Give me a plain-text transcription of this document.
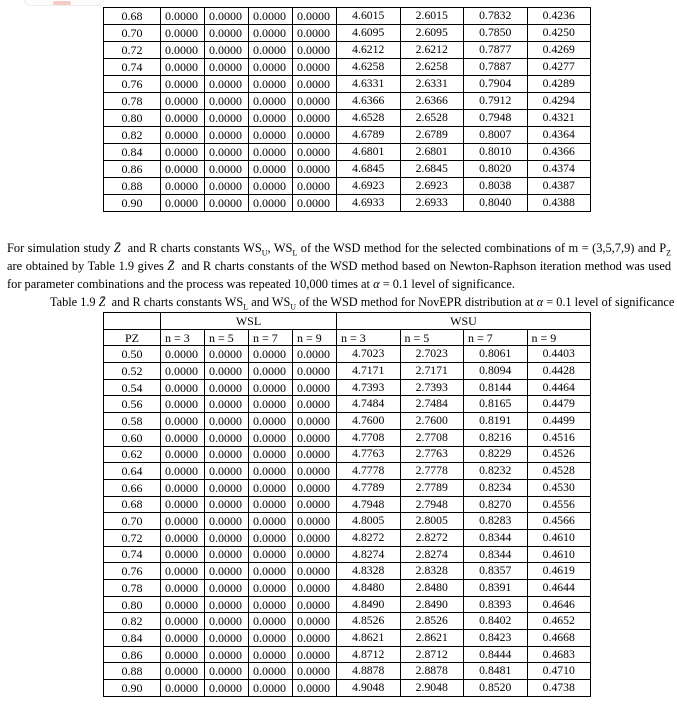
0.68	0.0000	0.0000	0.0000	0.0000	4.6015	2.6015	0.7832	0.4236
0.70	0.0000	0.0000	0.0000	0.0000	4.6095	2.6095	0.7850	0.4250
0.72	0.0000	0.0000	0.0000	0.0000	4.6212	2.6212	0.7877	0.4269
0.74	0.0000	0.0000	0.0000	0.0000	4.6258	2.6258	0.7887	0.4277
0.76	0.0000	0.0000	0.0000	0.0000	4.6331	2.6331	0.7904	0.4289
0.78	0.0000	0.0000	0.0000	0.0000	4.6366	2.6366	0.7912	0.4294
0.80	0.0000	0.0000	0.0000	0.0000	4.6528	2.6528	0.7948	0.4321
0.82	0.0000	0.0000	0.0000	0.0000	4.6789	2.6789	0.8007	0.4364
0.84	0.0000	0.0000	0.0000	0.0000	4.6801	2.6801	0.8010	0.4366
0.86	0.0000	0.0000	0.0000	0.0000	4.6845	2.6845	0.8020	0.4374
0.88	0.0000	0.0000	0.0000	0.0000	4.6923	2.6923	0.8038	0.4387
0.90	0.0000	0.0000	0.0000	0.0000	4.6933	2.6933	0.8040	0.4388

For simulation study Z̄  and R charts constants $WS_U$, $WS_L$ of the WSD method for the selected combinations of m = (3,5,7,9) and $P_Z$ are obtained by Table 1.9 gives Z̄  and R charts constants of the WSD method based on Newton-Raphson iteration method was used for parameter combinations and the process was repeated 10,000 times at α = 0.1 level of significance.

Table 1.9 Z̄  and R charts constants $WS_L$ and $WS_U$ of the WSD method for NovEPR distribution at α = 0.1 level of significance

	WSL				WSU			
PZ	n = 3	n = 5	n = 7	n = 9	n = 3	n = 5	n = 7	n = 9
0.50	0.0000	0.0000	0.0000	0.0000	4.7023	2.7023	0.8061	0.4403
0.52	0.0000	0.0000	0.0000	0.0000	4.7171	2.7171	0.8094	0.4428
0.54	0.0000	0.0000	0.0000	0.0000	4.7393	2.7393	0.8144	0.4464
0.56	0.0000	0.0000	0.0000	0.0000	4.7484	2.7484	0.8165	0.4479
0.58	0.0000	0.0000	0.0000	0.0000	4.7600	2.7600	0.8191	0.4499
0.60	0.0000	0.0000	0.0000	0.0000	4.7708	2.7708	0.8216	0.4516
0.62	0.0000	0.0000	0.0000	0.0000	4.7763	2.7763	0.8229	0.4526
0.64	0.0000	0.0000	0.0000	0.0000	4.7778	2.7778	0.8232	0.4528
0.66	0.0000	0.0000	0.0000	0.0000	4.7789	2.7789	0.8234	0.4530
0.68	0.0000	0.0000	0.0000	0.0000	4.7948	2.7948	0.8270	0.4556
0.70	0.0000	0.0000	0.0000	0.0000	4.8005	2.8005	0.8283	0.4566
0.72	0.0000	0.0000	0.0000	0.0000	4.8272	2.8272	0.8344	0.4610
0.74	0.0000	0.0000	0.0000	0.0000	4.8274	2.8274	0.8344	0.4610
0.76	0.0000	0.0000	0.0000	0.0000	4.8328	2.8328	0.8357	0.4619
0.78	0.0000	0.0000	0.0000	0.0000	4.8480	2.8480	0.8391	0.4644
0.80	0.0000	0.0000	0.0000	0.0000	4.8490	2.8490	0.8393	0.4646
0.82	0.0000	0.0000	0.0000	0.0000	4.8526	2.8526	0.8402	0.4652
0.84	0.0000	0.0000	0.0000	0.0000	4.8621	2.8621	0.8423	0.4668
0.86	0.0000	0.0000	0.0000	0.0000	4.8712	2.8712	0.8444	0.4683
0.88	0.0000	0.0000	0.0000	0.0000	4.8878	2.8878	0.8481	0.4710
0.90	0.0000	0.0000	0.0000	0.0000	4.9048	2.9048	0.8520	0.4738
